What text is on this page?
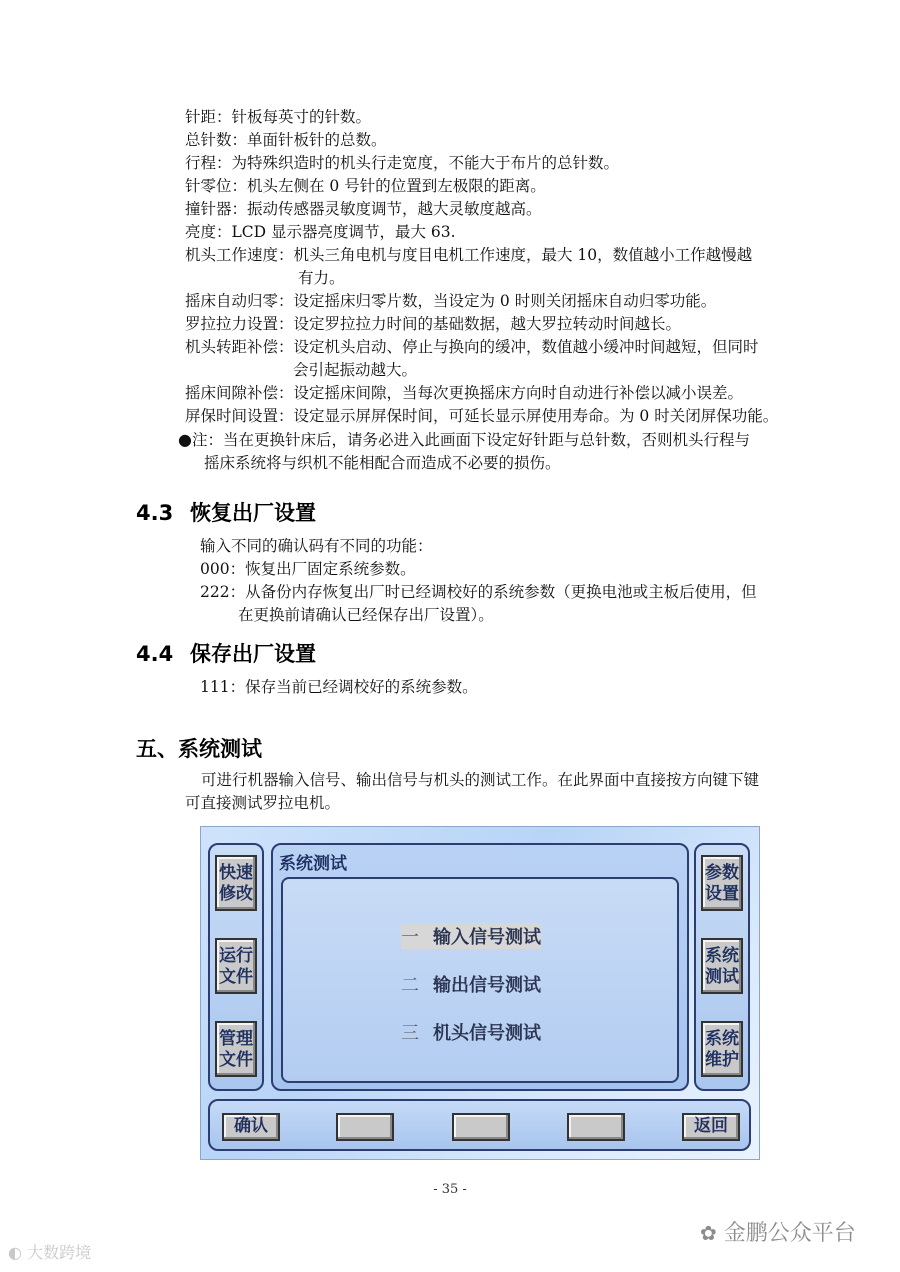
针距：针板每英寸的针数。
总针数：单面针板针的总数。
行程：为特殊织造时的机头行走宽度，不能大于布片的总针数。
针零位：机头左侧在 0 号针的位置到左极限的距离。
撞针器：振动传感器灵敏度调节，越大灵敏度越高。
亮度：LCD 显示器亮度调节，最大 63.
机头工作速度：机头三角电机与度目电机工作速度，最大 10，数值越小工作越慢越
有力。
摇床自动归零：设定摇床归零片数，当设定为 0 时则关闭摇床自动归零功能。
罗拉拉力设置：设定罗拉拉力时间的基础数据，越大罗拉转动时间越长。
机头转距补偿：设定机头启动、停止与换向的缓冲，数值越小缓冲时间越短，但同时
会引起振动越大。
摇床间隙补偿：设定摇床间隙，当每次更换摇床方向时自动进行补偿以减小误差。
屏保时间设置：设定显示屏屏保时间，可延长显示屏使用寿命。为 0 时关闭屏保功能。
●注：当在更换针床后，请务必进入此画面下设定好针距与总针数，否则机头行程与
摇床系统将与织机不能相配合而造成不必要的损伤。
4.3 恢复出厂设置
输入不同的确认码有不同的功能：
000：恢复出厂固定系统参数。
222：从备份内存恢复出厂时已经调校好的系统参数（更换电池或主板后使用，但
在更换前请确认已经保存出厂设置）。
4.4 保存出厂设置
111：保存当前已经调校好的系统参数。
五、系统测试
可进行机器输入信号、输出信号与机头的测试工作。在此界面中直接按方向键下键
可直接测试罗拉电机。
快速
修改
运行
文件
管理
文件
系统测试
一 输入信号测试
二 输出信号测试
三 机头信号测试
参数
设置
系统
测试
系统
维护
确认	返回
- 35 -
✿ 金鹏公众平台
◐ 大数跨境
